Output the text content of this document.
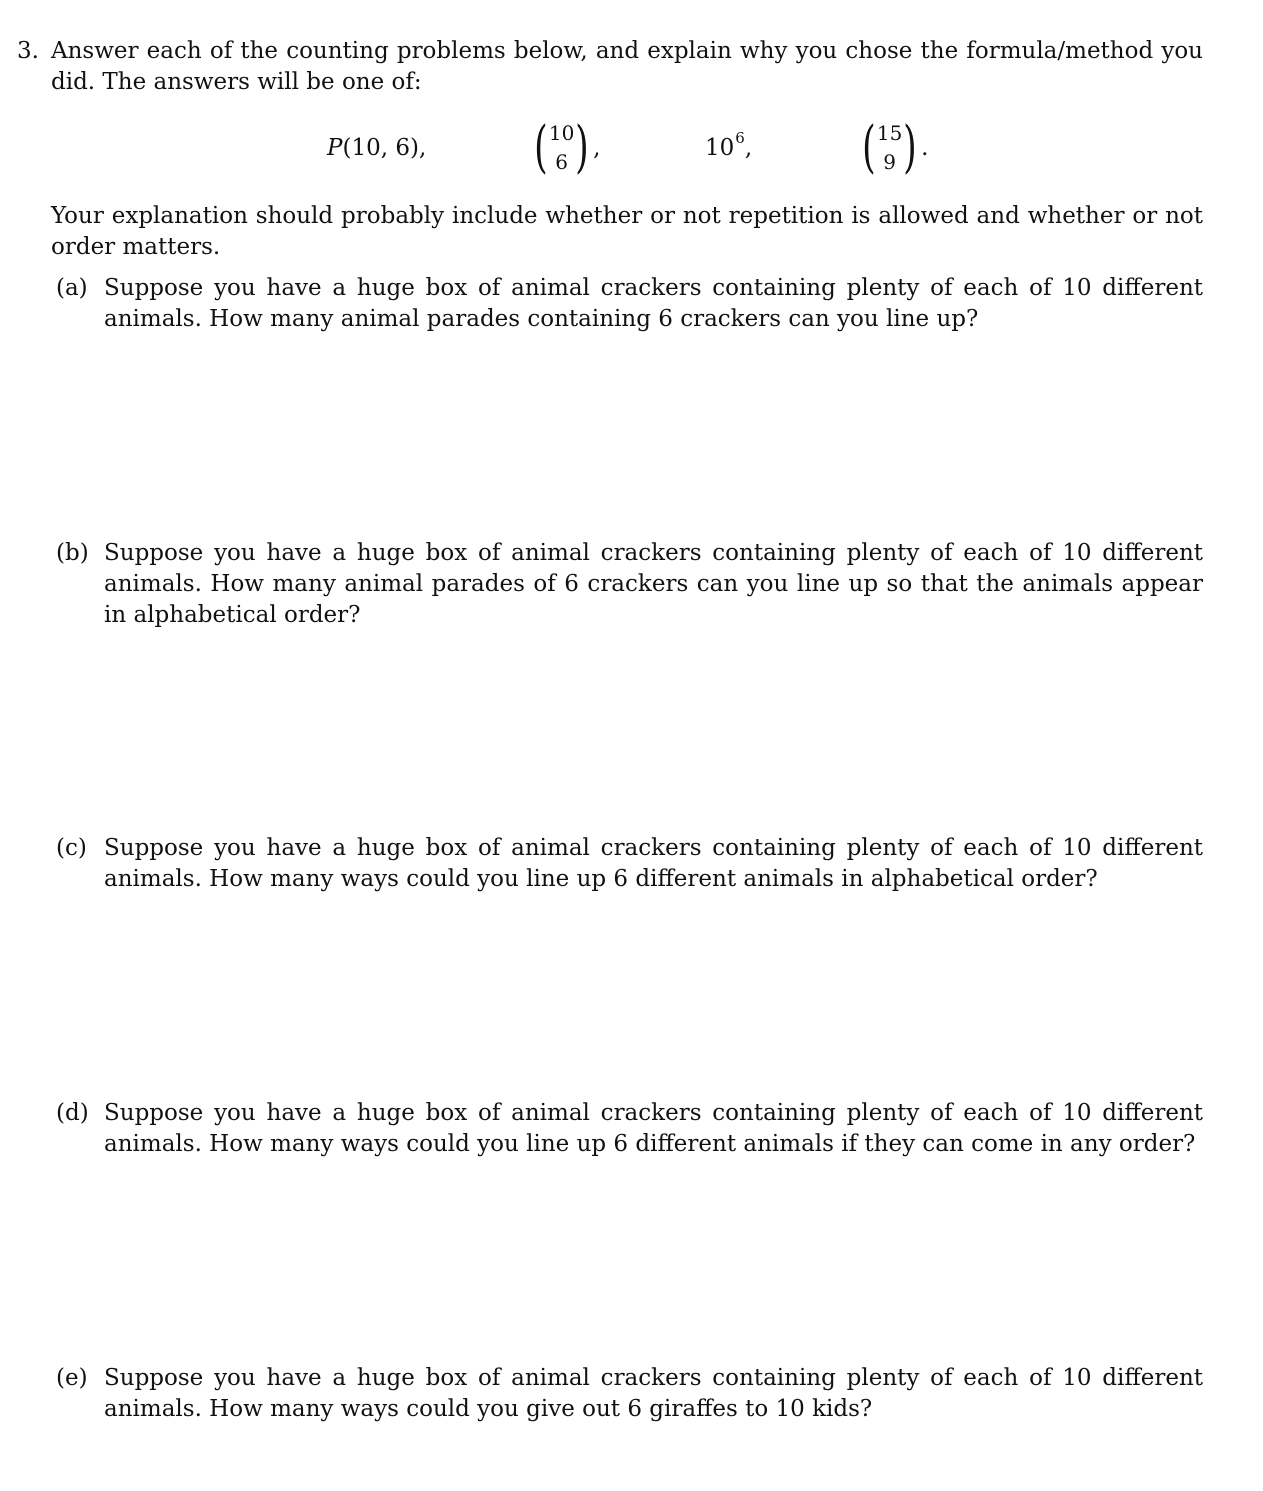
3. Answer each of the counting problems below, and explain why you chose the formula/method you did. The answers will be one of:
P (10, 6), ( 10
6 ) ,	10 6 , ( 15
9 ) .
Your explanation should probably include whether or not repetition is allowed and whether or not order matters.
(a) Suppose you have a huge box of animal crackers containing plenty of each of 10 different animals. How many animal parades containing 6 crackers can you line up?
(b) Suppose you have a huge box of animal crackers containing plenty of each of 10 different animals. How many animal parades of 6 crackers can you line up so that the animals appear in alphabetical order?
(c) Suppose you have a huge box of animal crackers containing plenty of each of 10 different animals. How many ways could you line up 6 different animals in alphabetical order?
(d) Suppose you have a huge box of animal crackers containing plenty of each of 10 different animals. How many ways could you line up 6 different animals if they can come in any order?
(e) Suppose you have a huge box of animal crackers containing plenty of each of 10 different animals. How many ways could you give out 6 giraffes to 10 kids?
